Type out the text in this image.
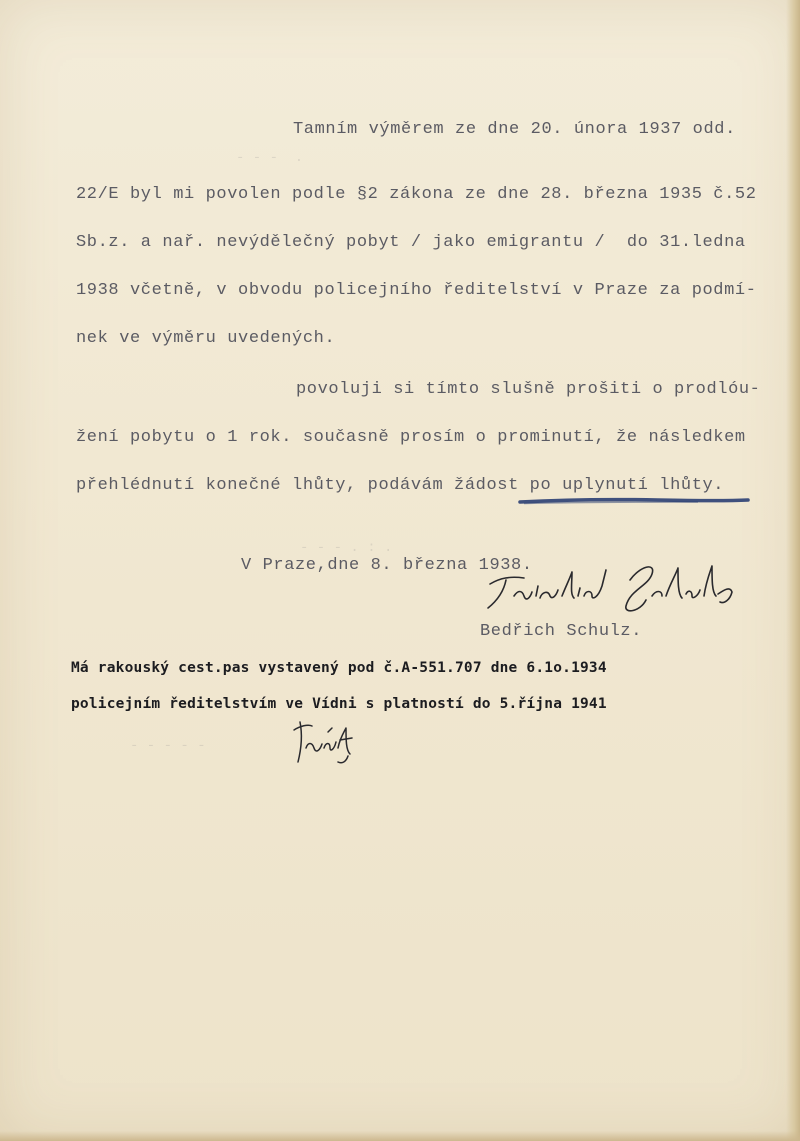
- - -  .
- - - . : .
- - - - -
Tamním výměrem ze dne 20. února 1937 odd.
22/E byl mi povolen podle §2 zákona ze dne 28. března 1935 č.52
Sb.z. a nař. nevýdělečný pobyt / jako emigrantu /  do 31.ledna
1938 včetně, v obvodu policejního ředitelství v Praze za podmí-
nek ve výměru uvedených.
povoluji si tímto slušně prošiti o prodlóu-
žení pobytu o 1 rok. současně prosím o prominutí, že následkem
přehlédnutí konečné lhůty, podávám žádost po uplynutí lhůty.
V Praze,dne 8. března 1938.
Bedřich Schulz.
Má rakouský cest.pas vystavený pod č.A-551.707 dne 6.1o.1934
policejním ředitelstvím ve Vídni s platností do 5.října 1941
